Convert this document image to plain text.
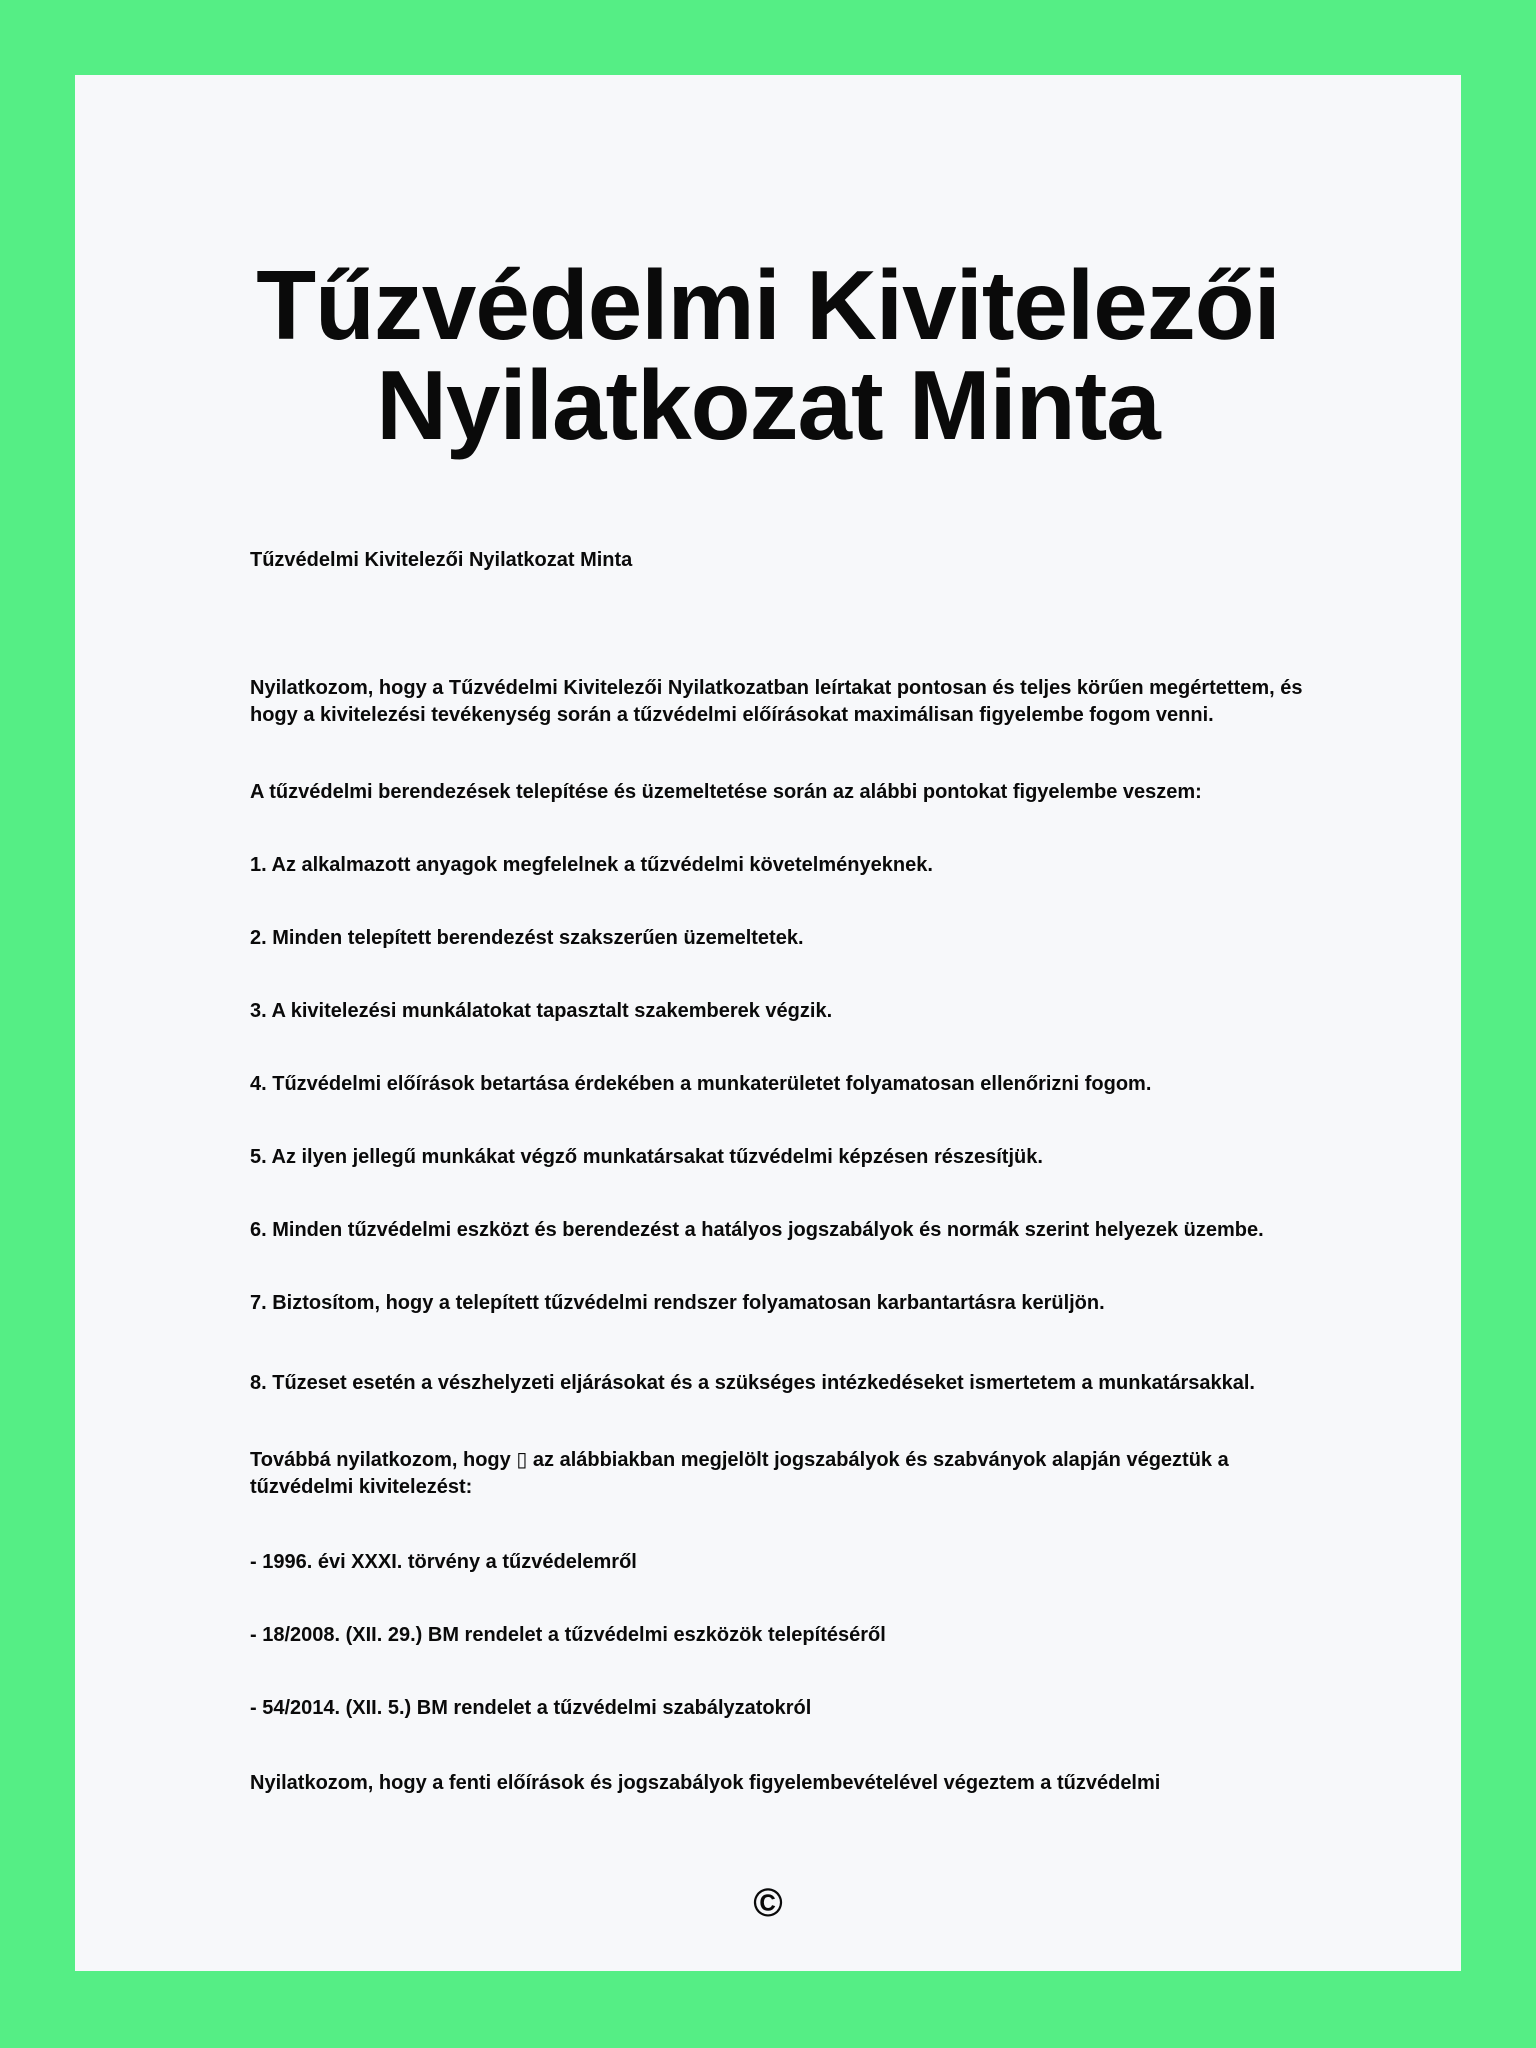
Tűzvédelmi Kivitelezői Nyilatkozat Minta

Tűzvédelmi Kivitelezői Nyilatkozat Minta

Nyilatkozom, hogy a Tűzvédelmi Kivitelezői Nyilatkozatban leírtakat pontosan és teljes körűen megértettem, és hogy a kivitelezési tevékenység során a tűzvédelmi előírásokat maximálisan figyelembe fogom venni.

A tűzvédelmi berendezések telepítése és üzemeltetése során az alábbi pontokat figyelembe veszem:

1. Az alkalmazott anyagok megfelelnek a tűzvédelmi követelményeknek.

2. Minden telepített berendezést szakszerűen üzemeltetek.

3. A kivitelezési munkálatokat tapasztalt szakemberek végzik.

4. Tűzvédelmi előírások betartása érdekében a munkaterületet folyamatosan ellenőrizni fogom.

5. Az ilyen jellegű munkákat végző munkatársakat tűzvédelmi képzésen részesítjük.

6. Minden tűzvédelmi eszközt és berendezést a hatályos jogszabályok és normák szerint helyezek üzembe.

7. Biztosítom, hogy a telepített tűzvédelmi rendszer folyamatosan karbantartásra kerüljön.

8. Tűzeset esetén a vészhelyzeti eljárásokat és a szükséges intézkedéseket ismertetem a munkatársakkal.

Továbbá nyilatkozom, hogy ▯ az alábbiakban megjelölt jogszabályok és szabványok alapján végeztük a tűzvédelmi kivitelezést:

- 1996. évi XXXI. törvény a tűzvédelemről

- 18/2008. (XII. 29.) BM rendelet a tűzvédelmi eszközök telepítéséről

- 54/2014. (XII. 5.) BM rendelet a tűzvédelmi szabályzatokról

Nyilatkozom, hogy a fenti előírások és jogszabályok figyelembevételével végeztem a tűzvédelmi

©
